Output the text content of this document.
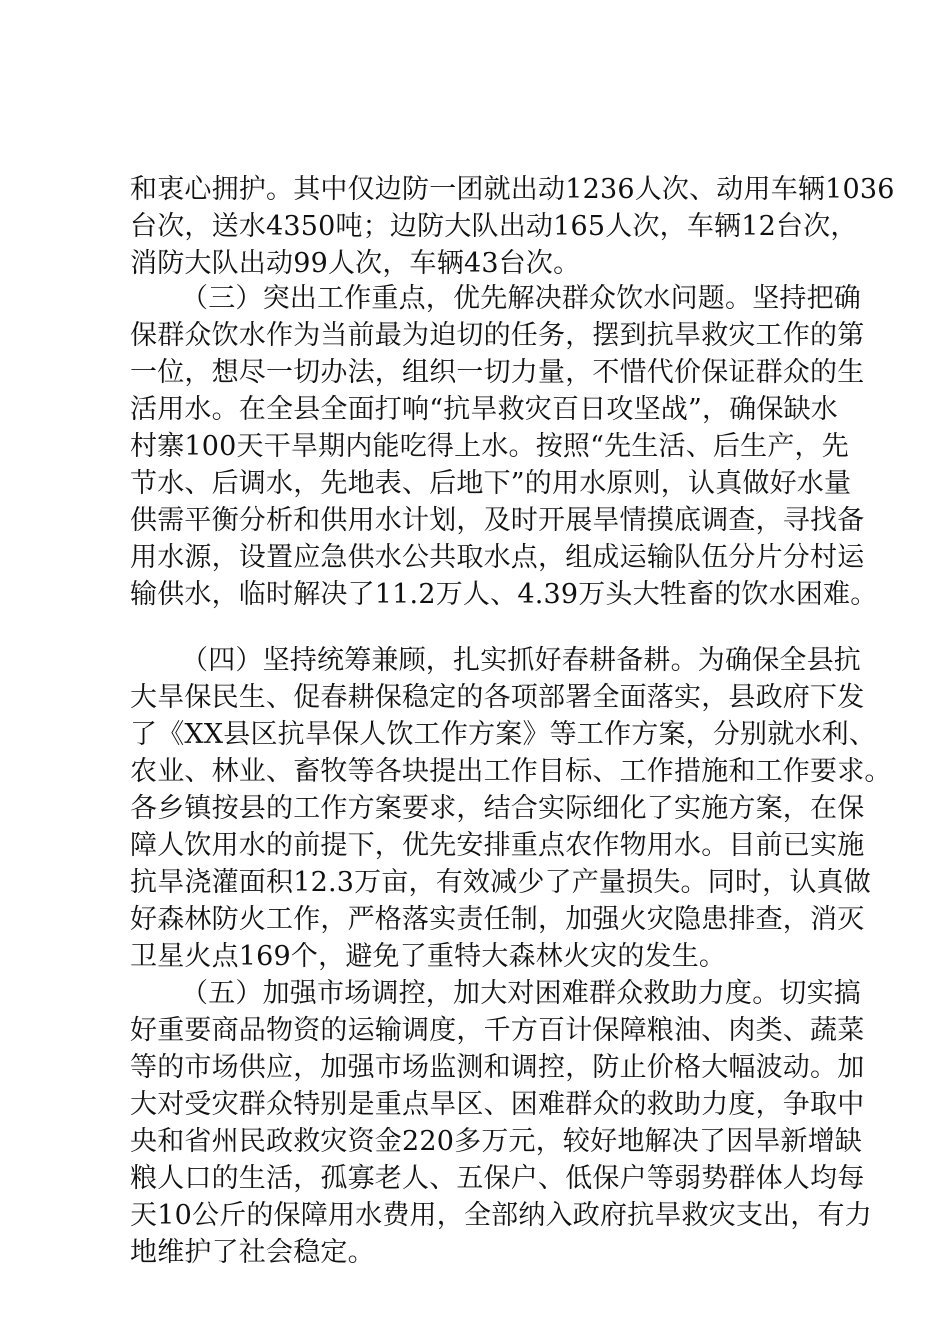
和衷心拥护。其中仅边防一团就出动1236人次、动用车辆1036
台次，送水4350吨；边防大队出动165人次，车辆12台次，
消防大队出动99人次，车辆43台次。
（三）突出工作重点，优先解决群众饮水问题。坚持把确
保群众饮水作为当前最为迫切的任务，摆到抗旱救灾工作的第
一位，想尽一切办法，组织一切力量，不惜代价保证群众的生
活用水。在全县全面打响“抗旱救灾百日攻坚战”，确保缺水
村寨100天干旱期内能吃得上水。按照“先生活、后生产，先
节水、后调水，先地表、后地下”的用水原则，认真做好水量
供需平衡分析和供用水计划，及时开展旱情摸底调查，寻找备
用水源，设置应急供水公共取水点，组成运输队伍分片分村运
输供水，临时解决了11.2万人、4.39万头大牲畜的饮水困难。
（四）坚持统筹兼顾，扎实抓好春耕备耕。为确保全县抗
大旱保民生、促春耕保稳定的各项部署全面落实，县政府下发
了《XX县区抗旱保人饮工作方案》等工作方案，分别就水利、
农业、林业、畜牧等各块提出工作目标、工作措施和工作要求。
各乡镇按县的工作方案要求，结合实际细化了实施方案，在保
障人饮用水的前提下，优先安排重点农作物用水。目前已实施
抗旱浇灌面积12.3万亩，有效减少了产量损失。同时，认真做
好森林防火工作，严格落实责任制，加强火灾隐患排查，消灭
卫星火点169个，避免了重特大森林火灾的发生。
（五）加强市场调控，加大对困难群众救助力度。切实搞
好重要商品物资的运输调度，千方百计保障粮油、肉类、蔬菜
等的市场供应，加强市场监测和调控，防止价格大幅波动。加
大对受灾群众特别是重点旱区、困难群众的救助力度，争取中
央和省州民政救灾资金220多万元，较好地解决了因旱新增缺
粮人口的生活，孤寡老人、五保户、低保户等弱势群体人均每
天10公斤的保障用水费用，全部纳入政府抗旱救灾支出，有力
地维护了社会稳定。
